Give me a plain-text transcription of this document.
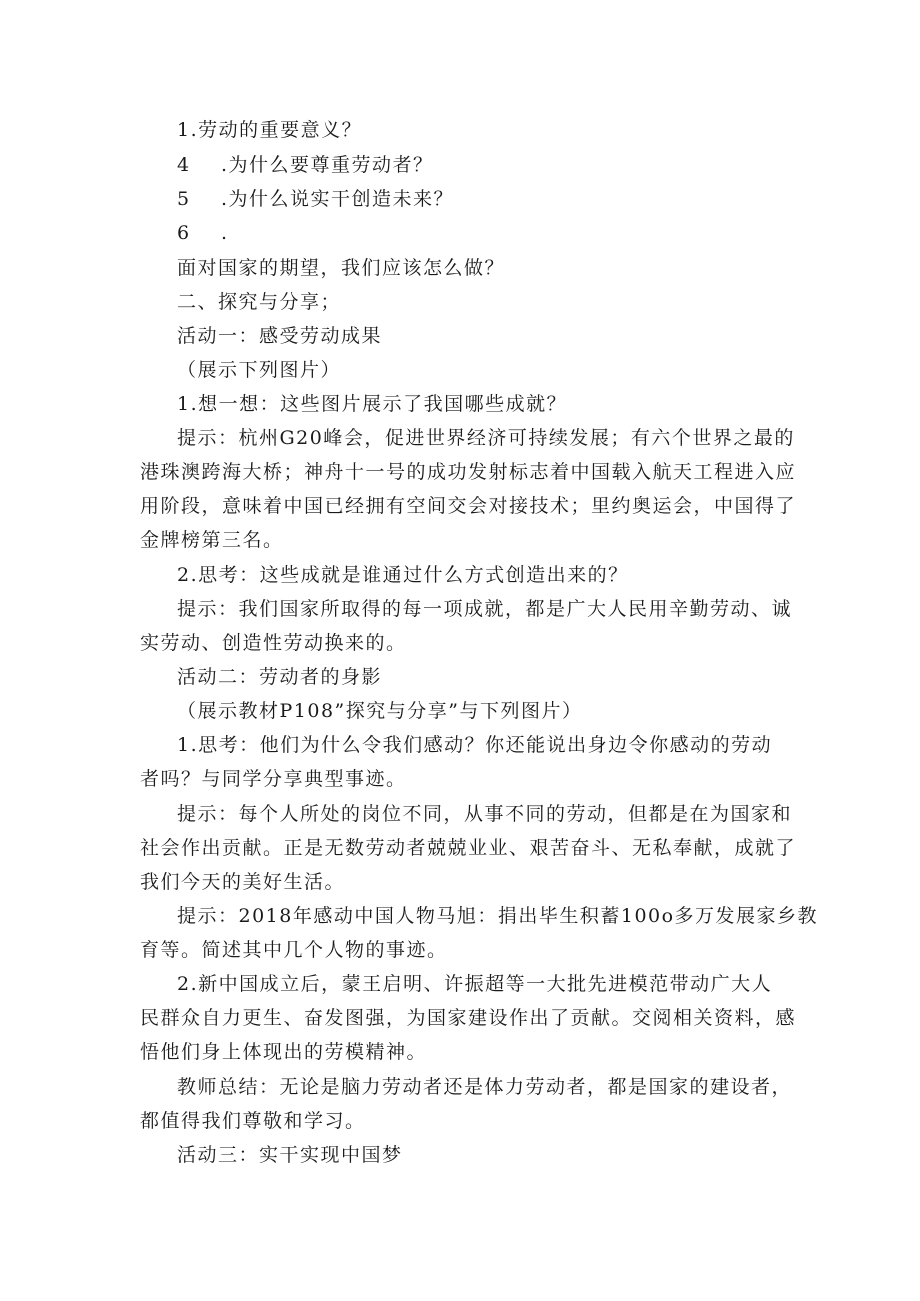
1.劳动的重要意义？
4 .为什么要尊重劳动者？
5 .为什么说实干创造未来？
6 .
面对国家的期望，我们应该怎么做？
二、探究与分享；
活动一：感受劳动成果
（展示下列图片）
1.想一想：这些图片展示了我国哪些成就？
提示：杭州G20峰会，促进世界经济可持续发展；有六个世界之最的
港珠澳跨海大桥；神舟十一号的成功发射标志着中国载入航天工程进入应
用阶段，意味着中国已经拥有空间交会对接技术；里约奥运会，中国得了
金牌榜第三名。
2.思考：这些成就是谁通过什么方式创造出来的？
提示：我们国家所取得的每一项成就，都是广大人民用辛勤劳动、诚
实劳动、创造性劳动换来的。
活动二：劳动者的身影
（展示教材P108”探究与分享”与下列图片）
1.思考：他们为什么令我们感动？你还能说出身边令你感动的劳动
者吗？与同学分享典型事迹。
提示：每个人所处的岗位不同，从事不同的劳动，但都是在为国家和
社会作出贡献。正是无数劳动者兢兢业业、艰苦奋斗、无私奉献，成就了
我们今天的美好生活。
提示：2018年感动中国人物马旭：捐出毕生积蓄100o多万发展家乡教
育等。简述其中几个人物的事迹。
2.新中国成立后，蒙王启明、许振超等一大批先进模范带动广大人
民群众自力更生、奋发图强，为国家建设作出了贡献。交阅相关资料，感
悟他们身上体现出的劳模精神。
教师总结：无论是脑力劳动者还是体力劳动者，都是国家的建设者，
都值得我们尊敬和学习。
活动三：实干实现中国梦
